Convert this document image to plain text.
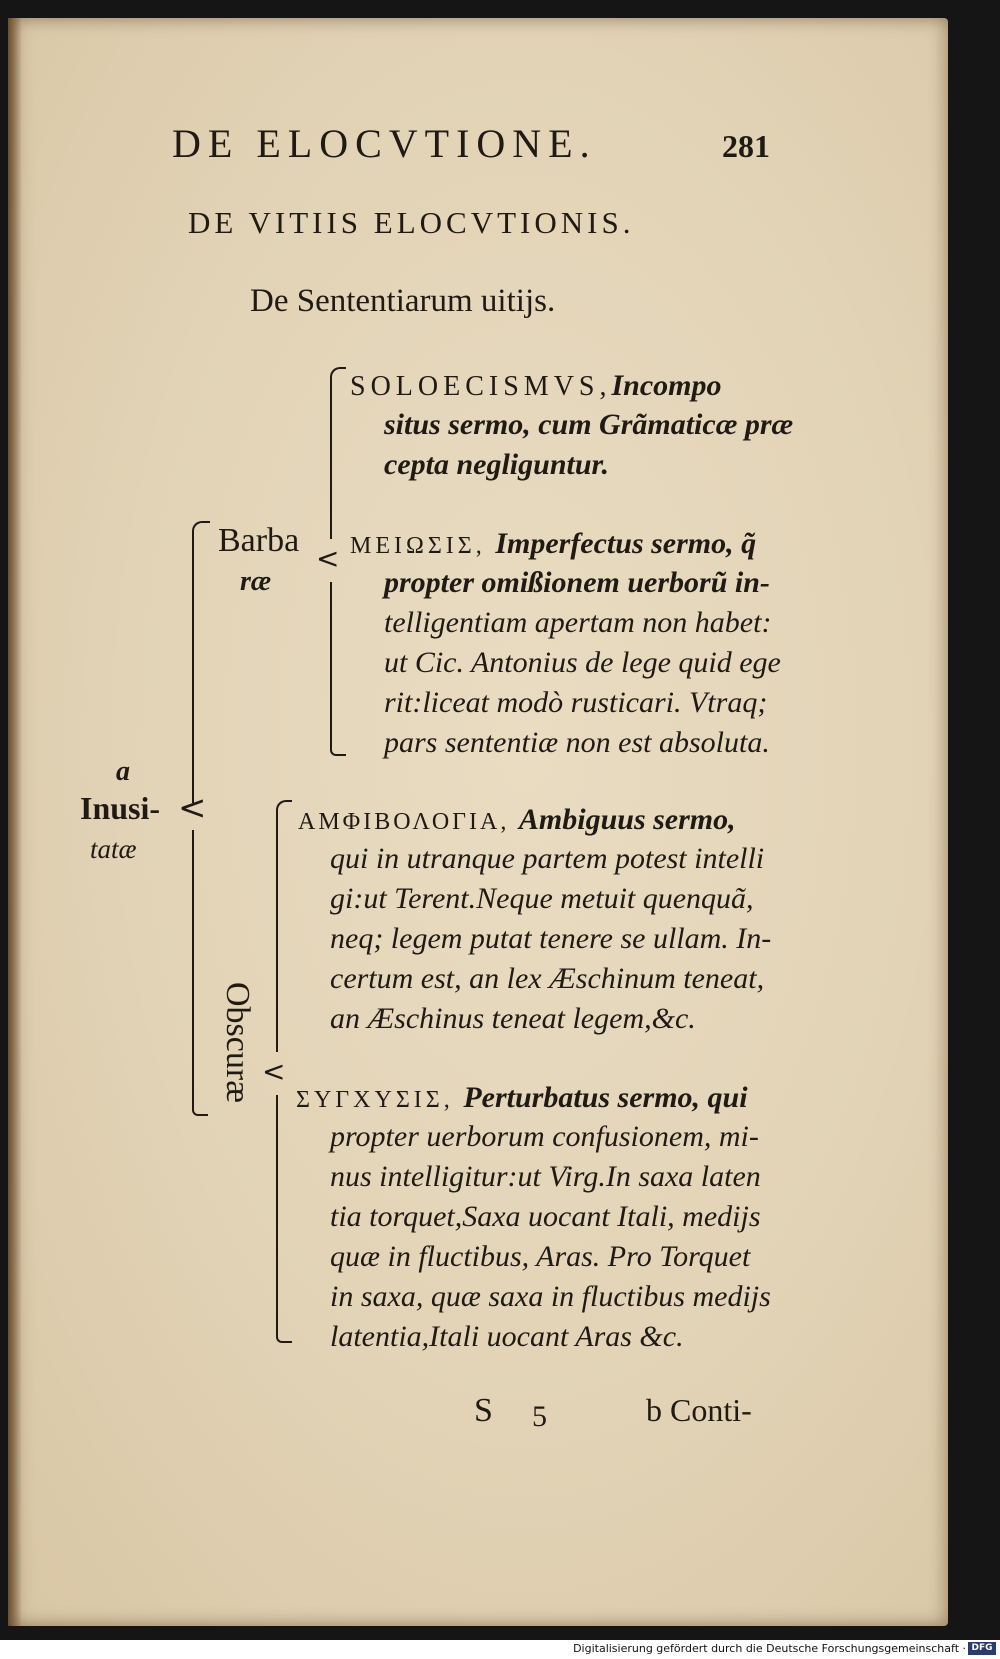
DE ELOCVTIONE.	281
DE VITIIS ELOCVTIONIS.
De Sententiarum uitijs.
a
Inusi-
tatæ
<
Barba
ræ
Obscuræ
<
<
SOLOECISMVS,Incompo
situs sermo, cum Grãmaticæ præ
cepta negliguntur.
ΜΕΙΩΣΙΣ, Imperfectus sermo, q̃
propter omißionem uerborũ in-
telligentiam apertam non habet:
ut Cic. Antonius de lege quid ege
rit:liceat modò rusticari. Vtraq;
pars sententiæ non est absoluta.
ΑΜΦΙΒΟΛΟΓΙΑ, Ambiguus sermo,
qui in utranque partem potest intelli
gi:ut Terent.Neque metuit quenquã,
neq; legem putat tenere se ullam. In-
certum est, an lex Æschinum teneat,
an Æschinus teneat legem,&c.
ΣΥΓΧΥΣΙΣ, Perturbatus sermo, qui
propter uerborum confusionem, mi-
nus intelligitur:ut Virg.In saxa laten
tia torquet,Saxa uocant Itali, medijs
quæ in fluctibus, Aras. Pro Torquet
in saxa, quæ saxa in fluctibus medijs
latentia,Itali uocant Aras &c.
S 5	b Conti-
Digitalisierung gefördert durch die Deutsche Forschungsgemeinschaft · DFG
